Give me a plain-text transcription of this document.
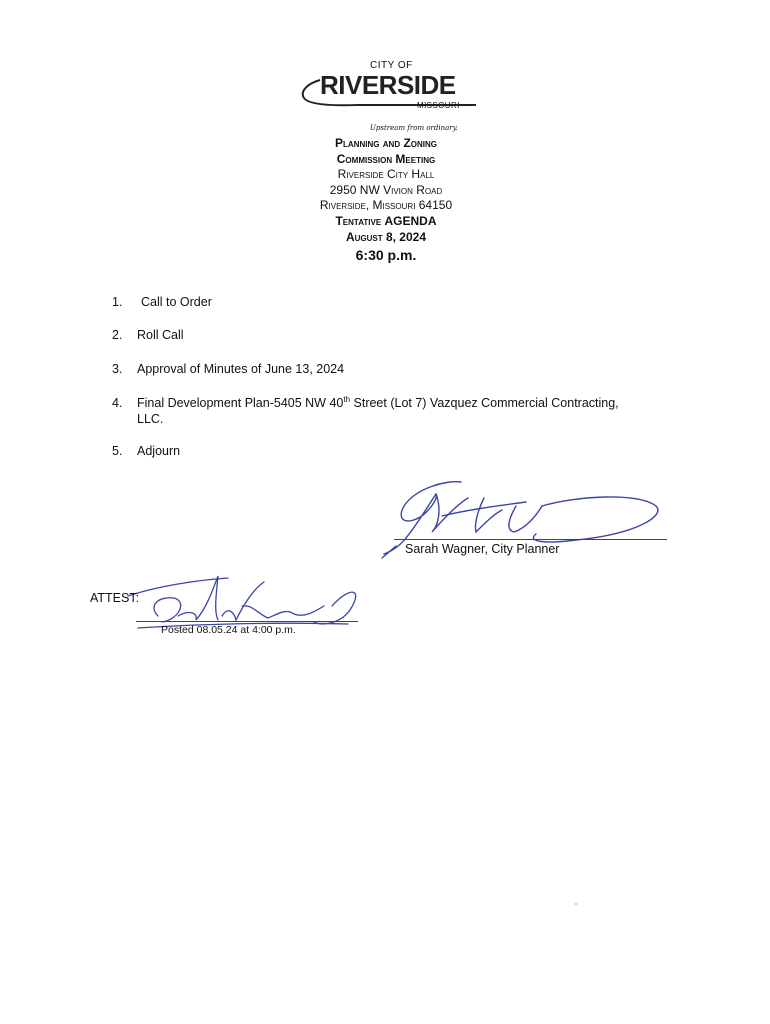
CITY OF
RIVERSIDE
MISSOURI
Upstream from ordinary.
Planning and Zoning
Commission Meeting
Riverside City Hall
2950 NW Vivion Road
Riverside, Missouri 64150
Tentative AGENDA
August 8, 2024
6:30 p.m.
1.	Call to Order
2.	Roll Call
3.	Approval of Minutes of June 13, 2024
4.	Final Development Plan-5405 NW 40th Street (Lot 7) Vazquez Commercial Contracting,
LLC.
5.	Adjourn
Sarah Wagner, City Planner
ATTEST:
Posted 08.05.24 at 4:00 p.m.
